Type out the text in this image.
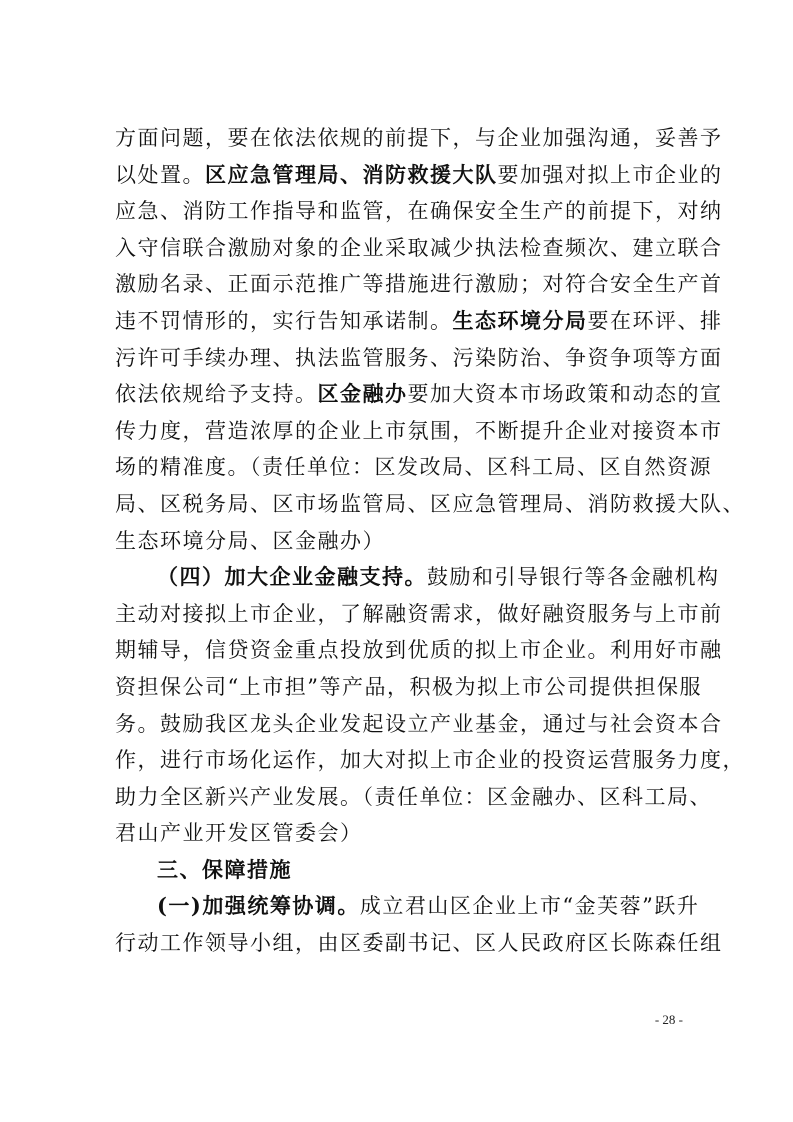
方面问题，要在依法依规的前提下，与企业加强沟通，妥善予
以处置。区应急管理局、消防救援大队要加强对拟上市企业的
应急、消防工作指导和监管，在确保安全生产的前提下，对纳
入守信联合激励对象的企业采取减少执法检查频次、建立联合
激励名录、正面示范推广等措施进行激励；对符合安全生产首
违不罚情形的，实行告知承诺制。生态环境分局要在环评、排
污许可手续办理、执法监管服务、污染防治、争资争项等方面
依法依规给予支持。区金融办要加大资本市场政策和动态的宣
传力度，营造浓厚的企业上市氛围，不断提升企业对接资本市
场的精准度。（责任单位：区发改局、区科工局、区自然资源
局、区税务局、区市场监管局、区应急管理局、消防救援大队、
生态环境分局、区金融办）
（四）加大企业金融支持。鼓励和引导银行等各金融机构
主动对接拟上市企业，了解融资需求，做好融资服务与上市前
期辅导，信贷资金重点投放到优质的拟上市企业。利用好市融
资担保公司“上市担”等产品，积极为拟上市公司提供担保服
务。鼓励我区龙头企业发起设立产业基金，通过与社会资本合
作，进行市场化运作，加大对拟上市企业的投资运营服务力度，
助力全区新兴产业发展。（责任单位：区金融办、区科工局、
君山产业开发区管委会）
三、保障措施
(一)加强统筹协调。成立君山区企业上市“金芙蓉”跃升
行动工作领导小组，由区委副书记、区人民政府区长陈森任组
- 28 -
